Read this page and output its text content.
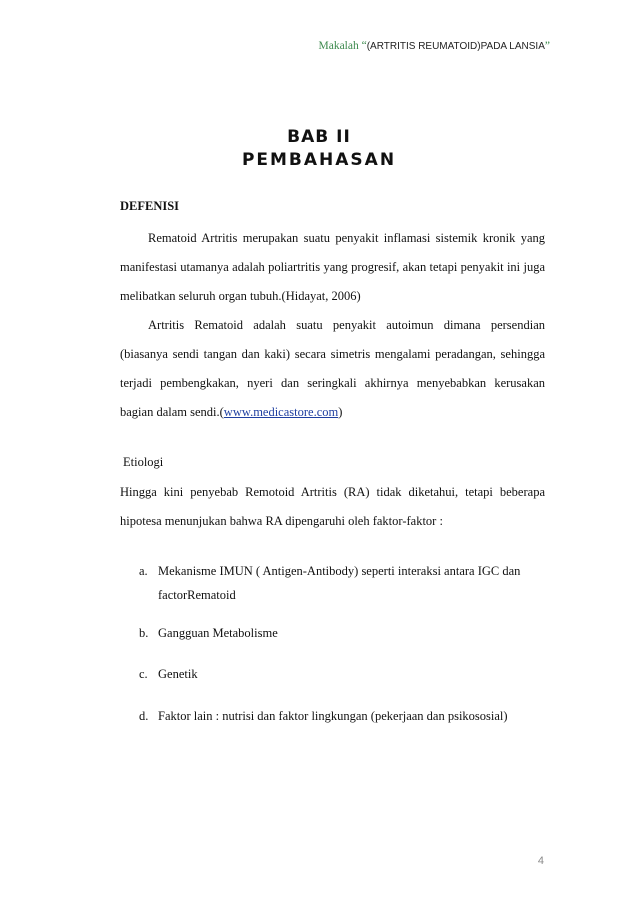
Makalah “(ARTRITIS REUMATOID)PADA LANSIA”
BAB II
PEMBAHASAN
DEFENISI

Rematoid Artritis merupakan suatu penyakit inflamasi sistemik kronik yang manifestasi utamanya adalah poliartritis yang progresif, akan tetapi penyakit ini juga melibatkan seluruh organ tubuh.(Hidayat, 2006)

Artritis Rematoid adalah suatu penyakit autoimun dimana persendian (biasanya sendi tangan dan kaki) secara simetris mengalami peradangan, sehingga terjadi pembengkakan, nyeri dan seringkali akhirnya menyebabkan kerusakan bagian dalam sendi.(www.medicastore.com)

Etiologi

Hingga kini penyebab Remotoid Artritis (RA) tidak diketahui, tetapi beberapa hipotesa menunjukan bahwa RA dipengaruhi oleh faktor-faktor :

a. Mekanisme IMUN ( Antigen-Antibody) seperti interaksi antara IGC dan factorRematoid
b. Gangguan Metabolisme
c. Genetik
d. Faktor lain : nutrisi dan faktor lingkungan (pekerjaan dan psikososial)
4
